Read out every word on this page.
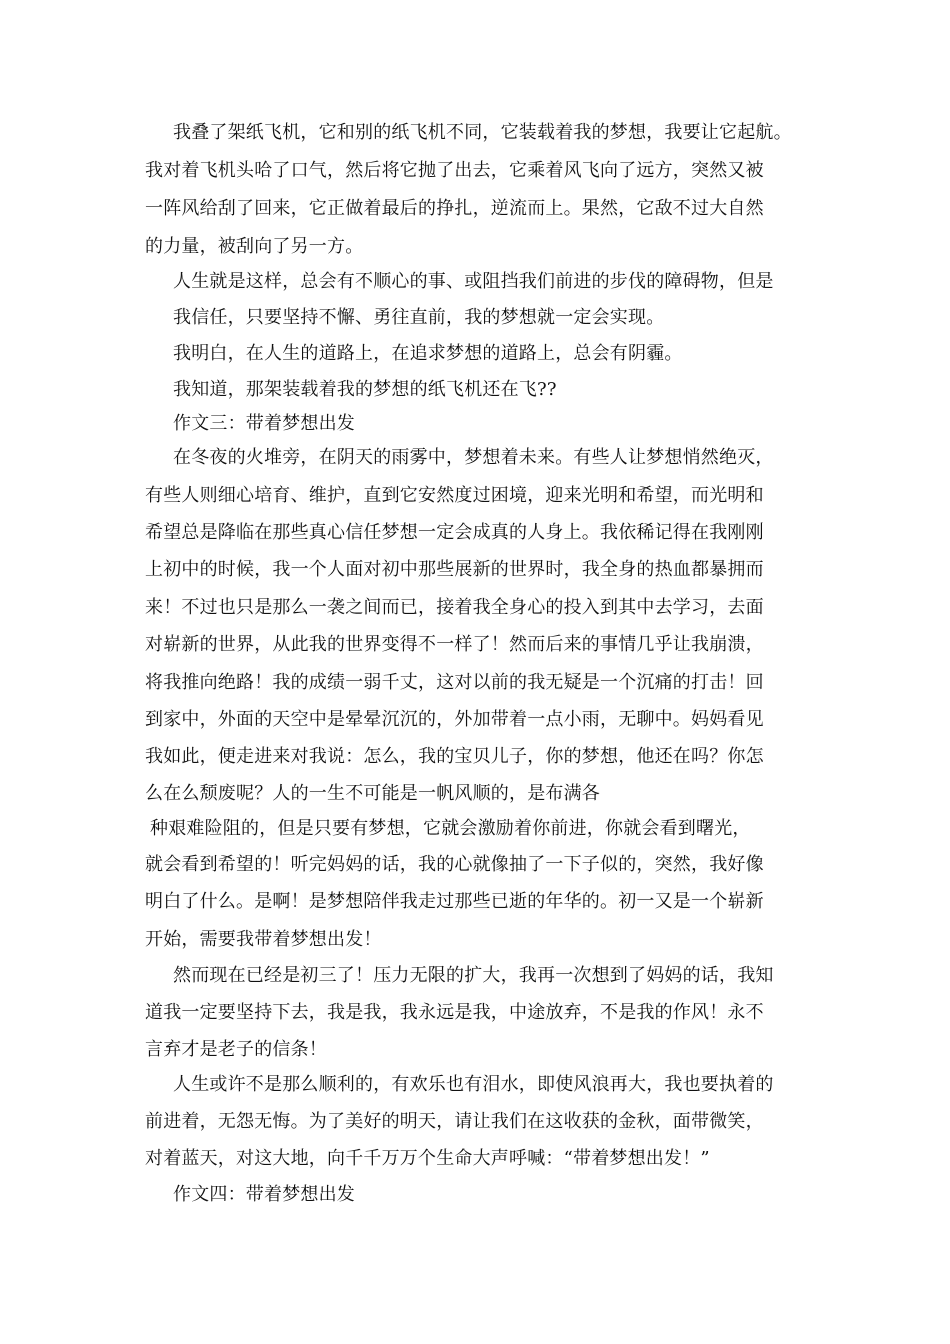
我叠了架纸飞机，它和别的纸飞机不同，它装载着我的梦想，我要让它起航。
我对着飞机头哈了口气，然后将它抛了出去，它乘着风飞向了远方，突然又被
一阵风给刮了回来，它正做着最后的挣扎，逆流而上。果然，它敌不过大自然
的力量，被刮向了另一方。
人生就是这样，总会有不顺心的事、或阻挡我们前进的步伐的障碍物，但是
我信任，只要坚持不懈、勇往直前，我的梦想就一定会实现。
我明白，在人生的道路上，在追求梦想的道路上，总会有阴霾。
我知道，那架装载着我的梦想的纸飞机还在飞??
作文三：带着梦想出发
在冬夜的火堆旁，在阴天的雨雾中，梦想着未来。有些人让梦想悄然绝灭，
有些人则细心培育、维护，直到它安然度过困境，迎来光明和希望，而光明和
希望总是降临在那些真心信任梦想一定会成真的人身上。我依稀记得在我刚刚
上初中的时候，我一个人面对初中那些展新的世界时，我全身的热血都暴拥而
来！不过也只是那么一袭之间而已，接着我全身心的投入到其中去学习，去面
对崭新的世界，从此我的世界变得不一样了！然而后来的事情几乎让我崩溃，
将我推向绝路！我的成绩一弱千丈，这对以前的我无疑是一个沉痛的打击！回
到家中，外面的天空中是晕晕沉沉的，外加带着一点小雨，无聊中。妈妈看见
我如此，便走进来对我说：怎么，我的宝贝儿子，你的梦想，他还在吗？你怎
么在么颓废呢？人的一生不可能是一帆风顺的，是布满各
种艰难险阻的，但是只要有梦想，它就会激励着你前进，你就会看到曙光，
就会看到希望的！听完妈妈的话，我的心就像抽了一下子似的，突然，我好像
明白了什么。是啊！是梦想陪伴我走过那些已逝的年华的。初一又是一个崭新
开始，需要我带着梦想出发！
然而现在已经是初三了！压力无限的扩大，我再一次想到了妈妈的话，我知
道我一定要坚持下去，我是我，我永远是我，中途放弃，不是我的作风！永不
言弃才是老子的信条！
人生或许不是那么顺利的，有欢乐也有泪水，即使风浪再大，我也要执着的
前进着，无怨无悔。为了美好的明天，请让我们在这收获的金秋，面带微笑，
对着蓝天，对这大地，向千千万万个生命大声呼喊：“带着梦想出发！”
作文四：带着梦想出发
